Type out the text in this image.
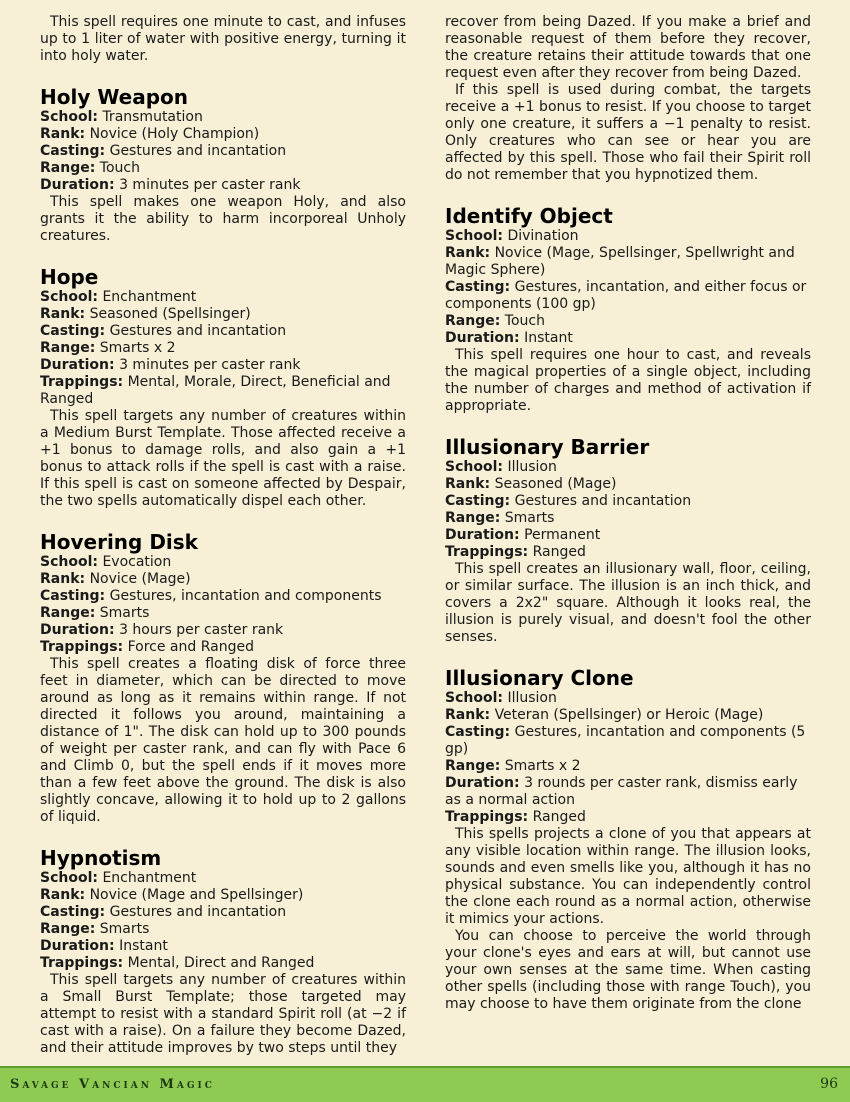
This spell requires one minute to cast, and infuses up to 1 liter of water with positive energy, turning it into holy water.

Holy Weapon
School: Transmutation
Rank: Novice (Holy Champion)
Casting: Gestures and incantation
Range: Touch
Duration: 3 minutes per caster rank

This spell makes one weapon Holy, and also grants it the ability to harm incorporeal Unholy creatures.

Hope
School: Enchantment
Rank: Seasoned (Spellsinger)
Casting: Gestures and incantation
Range: Smarts x 2
Duration: 3 minutes per caster rank
Trappings: Mental, Morale, Direct, Beneficial and Ranged

This spell targets any number of creatures within a Medium Burst Template. Those affected receive a +1 bonus to damage rolls, and also gain a +1 bonus to attack rolls if the spell is cast with a raise. If this spell is cast on someone affected by Despair, the two spells automatically dispel each other.

Hovering Disk
School: Evocation
Rank: Novice (Mage)
Casting: Gestures, incantation and components
Range: Smarts
Duration: 3 hours per caster rank
Trappings: Force and Ranged

This spell creates a floating disk of force three feet in diameter, which can be directed to move around as long as it remains within range. If not directed it follows you around, maintaining a distance of 1". The disk can hold up to 300 pounds of weight per caster rank, and can fly with Pace 6 and Climb 0, but the spell ends if it moves more than a few feet above the ground. The disk is also slightly concave, allowing it to hold up to 2 gallons of liquid.

Hypnotism
School: Enchantment
Rank: Novice (Mage and Spellsinger)
Casting: Gestures and incantation
Range: Smarts
Duration: Instant
Trappings: Mental, Direct and Ranged

This spell targets any number of creatures within a Small Burst Template; those targeted may attempt to resist with a standard Spirit roll (at −2 if cast with a raise). On a failure they become Dazed, and their attitude improves by two steps until they

recover from being Dazed. If you make a brief and reasonable request of them before they recover, the creature retains their attitude towards that one request even after they recover from being Dazed.

If this spell is used during combat, the targets receive a +1 bonus to resist. If you choose to target only one creature, it suffers a −1 penalty to resist. Only creatures who can see or hear you are affected by this spell. Those who fail their Spirit roll do not remember that you hypnotized them.

Identify Object
School: Divination
Rank: Novice (Mage, Spellsinger, Spellwright and Magic Sphere)
Casting: Gestures, incantation, and either focus or components (100 gp)
Range: Touch
Duration: Instant

This spell requires one hour to cast, and reveals the magical properties of a single object, including the number of charges and method of activation if appropriate.

Illusionary Barrier
School: Illusion
Rank: Seasoned (Mage)
Casting: Gestures and incantation
Range: Smarts
Duration: Permanent
Trappings: Ranged

This spell creates an illusionary wall, floor, ceiling, or similar surface. The illusion is an inch thick, and covers a 2x2" square. Although it looks real, the illusion is purely visual, and doesn't fool the other senses.

Illusionary Clone
School: Illusion
Rank: Veteran (Spellsinger) or Heroic (Mage)
Casting: Gestures, incantation and components (5 gp)
Range: Smarts x 2
Duration: 3 rounds per caster rank, dismiss early as a normal action
Trappings: Ranged

This spells projects a clone of you that appears at any visible location within range. The illusion looks, sounds and even smells like you, although it has no physical substance. You can independently control the clone each round as a normal action, otherwise it mimics your actions.

You can choose to perceive the world through your clone's eyes and ears at will, but cannot use your own senses at the same time. When casting other spells (including those with range Touch), you may choose to have them originate from the clone

Savage Vancian Magic	96
